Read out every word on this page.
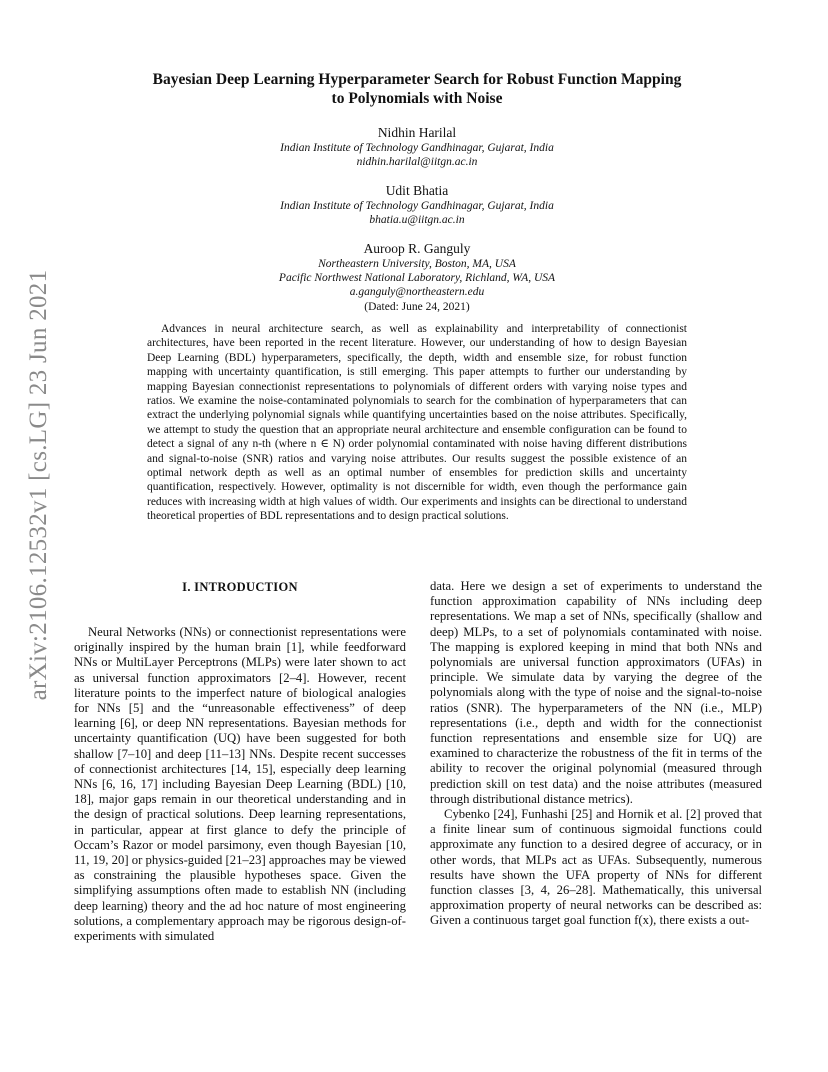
arXiv:2106.12532v1 [cs.LG] 23 Jun 2021
Bayesian Deep Learning Hyperparameter Search for Robust Function Mapping to Polynomials with Noise
Nidhin Harilal
Indian Institute of Technology Gandhinagar, Gujarat, India
nidhin.harilal@iitgn.ac.in
Udit Bhatia
Indian Institute of Technology Gandhinagar, Gujarat, India
bhatia.u@iitgn.ac.in
Auroop R. Ganguly
Northeastern University, Boston, MA, USA
Pacific Northwest National Laboratory, Richland, WA, USA
a.ganguly@northeastern.edu
(Dated: June 24, 2021)

Advances in neural architecture search, as well as explainability and interpretability of connectionist architectures, have been reported in the recent literature. However, our understanding of how to design Bayesian Deep Learning (BDL) hyperparameters, specifically, the depth, width and ensemble size, for robust function mapping with uncertainty quantification, is still emerging. This paper attempts to further our understanding by mapping Bayesian connectionist representations to polynomials of different orders with varying noise types and ratios. We examine the noise-contaminated polynomials to search for the combination of hyperparameters that can extract the underlying polynomial signals while quantifying uncertainties based on the noise attributes. Specifically, we attempt to study the question that an appropriate neural architecture and ensemble configuration can be found to detect a signal of any n-th (where n ∈ N) order polynomial contaminated with noise having different distributions and signal-to-noise (SNR) ratios and varying noise attributes. Our results suggest the possible existence of an optimal network depth as well as an optimal number of ensembles for prediction skills and uncertainty quantification, respectively. However, optimality is not discernible for width, even though the performance gain reduces with increasing width at high values of width. Our experiments and insights can be directional to understand theoretical properties of BDL representations and to design practical solutions.

I. INTRODUCTION

Neural Networks (NNs) or connectionist representations were originally inspired by the human brain [1], while feedforward NNs or MultiLayer Perceptrons (MLPs) were later shown to act as universal function approximators [2–4]. However, recent literature points to the imperfect nature of biological analogies for NNs [5] and the “unreasonable effectiveness” of deep learning [6], or deep NN representations. Bayesian methods for uncertainty quantification (UQ) have been suggested for both shallow [7–10] and deep [11–13] NNs. Despite recent successes of connectionist architectures [14, 15], especially deep learning NNs [6, 16, 17] including Bayesian Deep Learning (BDL) [10, 18], major gaps remain in our theoretical understanding and in the design of practical solutions. Deep learning representations, in particular, appear at first glance to defy the principle of Occam’s Razor or model parsimony, even though Bayesian [10, 11, 19, 20] or physics-guided [21–23] approaches may be viewed as constraining the plausible hypotheses space. Given the simplifying assumptions often made to establish NN (including deep learning) theory and the ad hoc nature of most engineering solutions, a complementary approach may be rigorous design-of-experiments with simulated

data. Here we design a set of experiments to understand the function approximation capability of NNs including deep representations. We map a set of NNs, specifically (shallow and deep) MLPs, to a set of polynomials contaminated with noise. The mapping is explored keeping in mind that both NNs and polynomials are universal function approximators (UFAs) in principle. We simulate data by varying the degree of the polynomials along with the type of noise and the signal-to-noise ratios (SNR). The hyperparameters of the NN (i.e., MLP) representations (i.e., depth and width for the connectionist function representations and ensemble size for UQ) are examined to characterize the robustness of the fit in terms of the ability to recover the original polynomial (measured through prediction skill on test data) and the noise attributes (measured through distributional distance metrics).

Cybenko [24], Funhashi [25] and Hornik et al. [2] proved that a finite linear sum of continuous sigmoidal functions could approximate any function to a desired degree of accuracy, or in other words, that MLPs act as UFAs. Subsequently, numerous results have shown the UFA property of NNs for different function classes [3, 4, 26–28]. Mathematically, this universal approximation property of neural networks can be described as: Given a continuous target goal function f(x), there exists a out-
